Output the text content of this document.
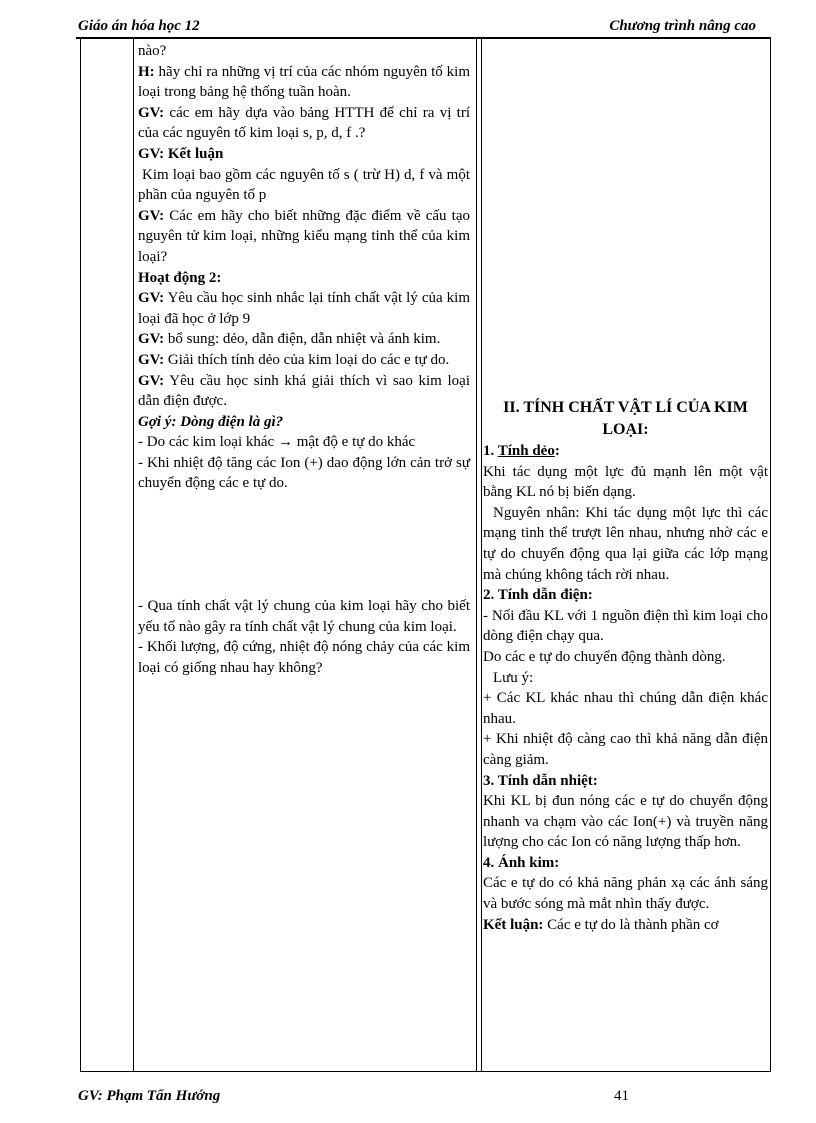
Giáo án hóa học 12	Chương trình nâng cao

nào?

H: hãy chỉ ra những vị trí của các nhóm nguyên tố kim loại trong bảng hệ thống tuần hoàn.

GV: các em hãy dựa vào bảng HTTH để chỉ ra vị trí của các nguyên tố kim loại s, p, d, f .?

GV: Kết luận

Kim loại bao gồm các nguyên tố s ( trừ H) d, f và một phần của nguyên tố p

GV: Các em hãy cho biết những đặc điểm về cấu tạo nguyên tử kim loại, những kiểu mạng tinh thể của kim loại?

Hoạt động 2:

GV: Yêu cầu học sinh nhắc lại tính chất vật lý của kim loại đã học ở lớp 9

GV: bổ sung: dẻo, dẫn điện, dẫn nhiệt và ánh kim.

GV: Giải thích tính dẻo của kim loại do các e tự do.

GV: Yêu cầu học sinh khá giải thích vì sao kim loại dẫn điện được.

Gợi ý: Dòng điện là gì?

- Do các kim loại khác → mật độ e tự do khác

- Khi nhiệt độ tăng các Ion (+) dao động lớn cản trở sự chuyển động các e tự do.

- Qua tính chất vật lý chung của kim loại hãy cho biết yếu tố nào gây ra tính chất vật lý chung của kim loại.

- Khối lượng, độ cứng, nhiệt độ nóng chảy của các kim loại có giống nhau hay không?

II. TÍNH CHẤT VẬT LÍ CỦA KIM LOẠI:

1. Tính dẻo:

Khi tác dụng một lực đủ mạnh lên một vật bằng KL nó bị biến dạng.

Nguyên nhân: Khi tác dụng một lực thì các mạng tinh thể trượt lên nhau, nhưng nhờ các e tự do chuyển động qua lại giữa các lớp mạng mà chúng không tách rời nhau.

2. Tính dẫn điện:

- Nối đầu KL với 1 nguồn điện thì kim loại cho dòng điện chạy qua.

Do các e tự do chuyển động thành dòng.

Lưu ý:

+ Các KL khác nhau thì chúng dẫn điện khác nhau.

+ Khi nhiệt độ càng cao thì khả năng dẫn điện càng giảm.

3. Tính dẫn nhiệt:

Khi KL bị đun nóng các e tự do chuyển động nhanh va chạm vào các Ion(+) và truyền năng lượng cho các Ion có năng lượng thấp hơn.

4. Ánh kim:

Các e tự do có khả năng phản xạ các ánh sáng và bước sóng mà mắt nhìn thấy được.

Kết luận: Các e tự do là thành phần cơ

GV: Phạm Tấn Hướng	41
